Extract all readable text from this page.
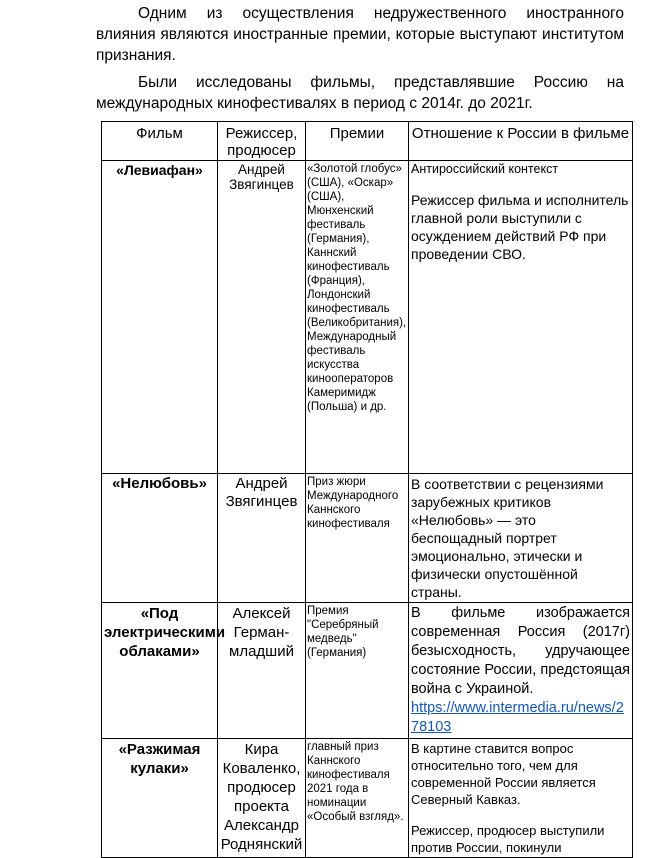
Одним из осуществления недружественного иностранного влияния являются иностранные премии, которые выступают институтом признания.

Были исследованы фильмы, представлявшие Россию на международных кинофестивалях в период с 2014г. до 2021г.

Фильм	Режиссер, продюсер	Премии	Отношение к России в фильме
«Левиафан»	Андрей Звягинцев	«Золотой глобус» (США), «Оскар» (США), Мюнхенский фестиваль (Германия), Каннский кинофестиваль (Франция), Лондонский кинофестиваль (Великобритания), Международный фестиваль искусства кинооператоров Камеримидж (Польша) и др.	Антироссийский контекст
Режиссер фильма и исполнитель главной роли выступили с осуждением действий РФ при проведении СВО.

«Нелюбовь»	Андрей Звягинцев	Приз жюри Международного Каннского кинофестиваля	В соответствии с рецензиями зарубежных критиков «Нелюбовь» — это беспощадный портрет эмоционально, этически и физически опустошённой страны.

«Под электрическими облаками»	Алексей Герман-младший	Премия "Серебряный медведь" (Германия)	В фильме изображается современная Россия (2017г) безысходность, удручающее состояние России, предстоящая война с Украиной.
https://www.intermedia.ru/news/278103

«Разжимая кулаки»	Кира Коваленко, продюсер проекта Александр Роднянский	главный приз Каннского кинофестиваля 2021 года в номинации «Особый взгляд».	В картине ставится вопрос относительно того, чем для современной России является Северный Кавказ.
Режиссер, продюсер выступили против России, покинули
